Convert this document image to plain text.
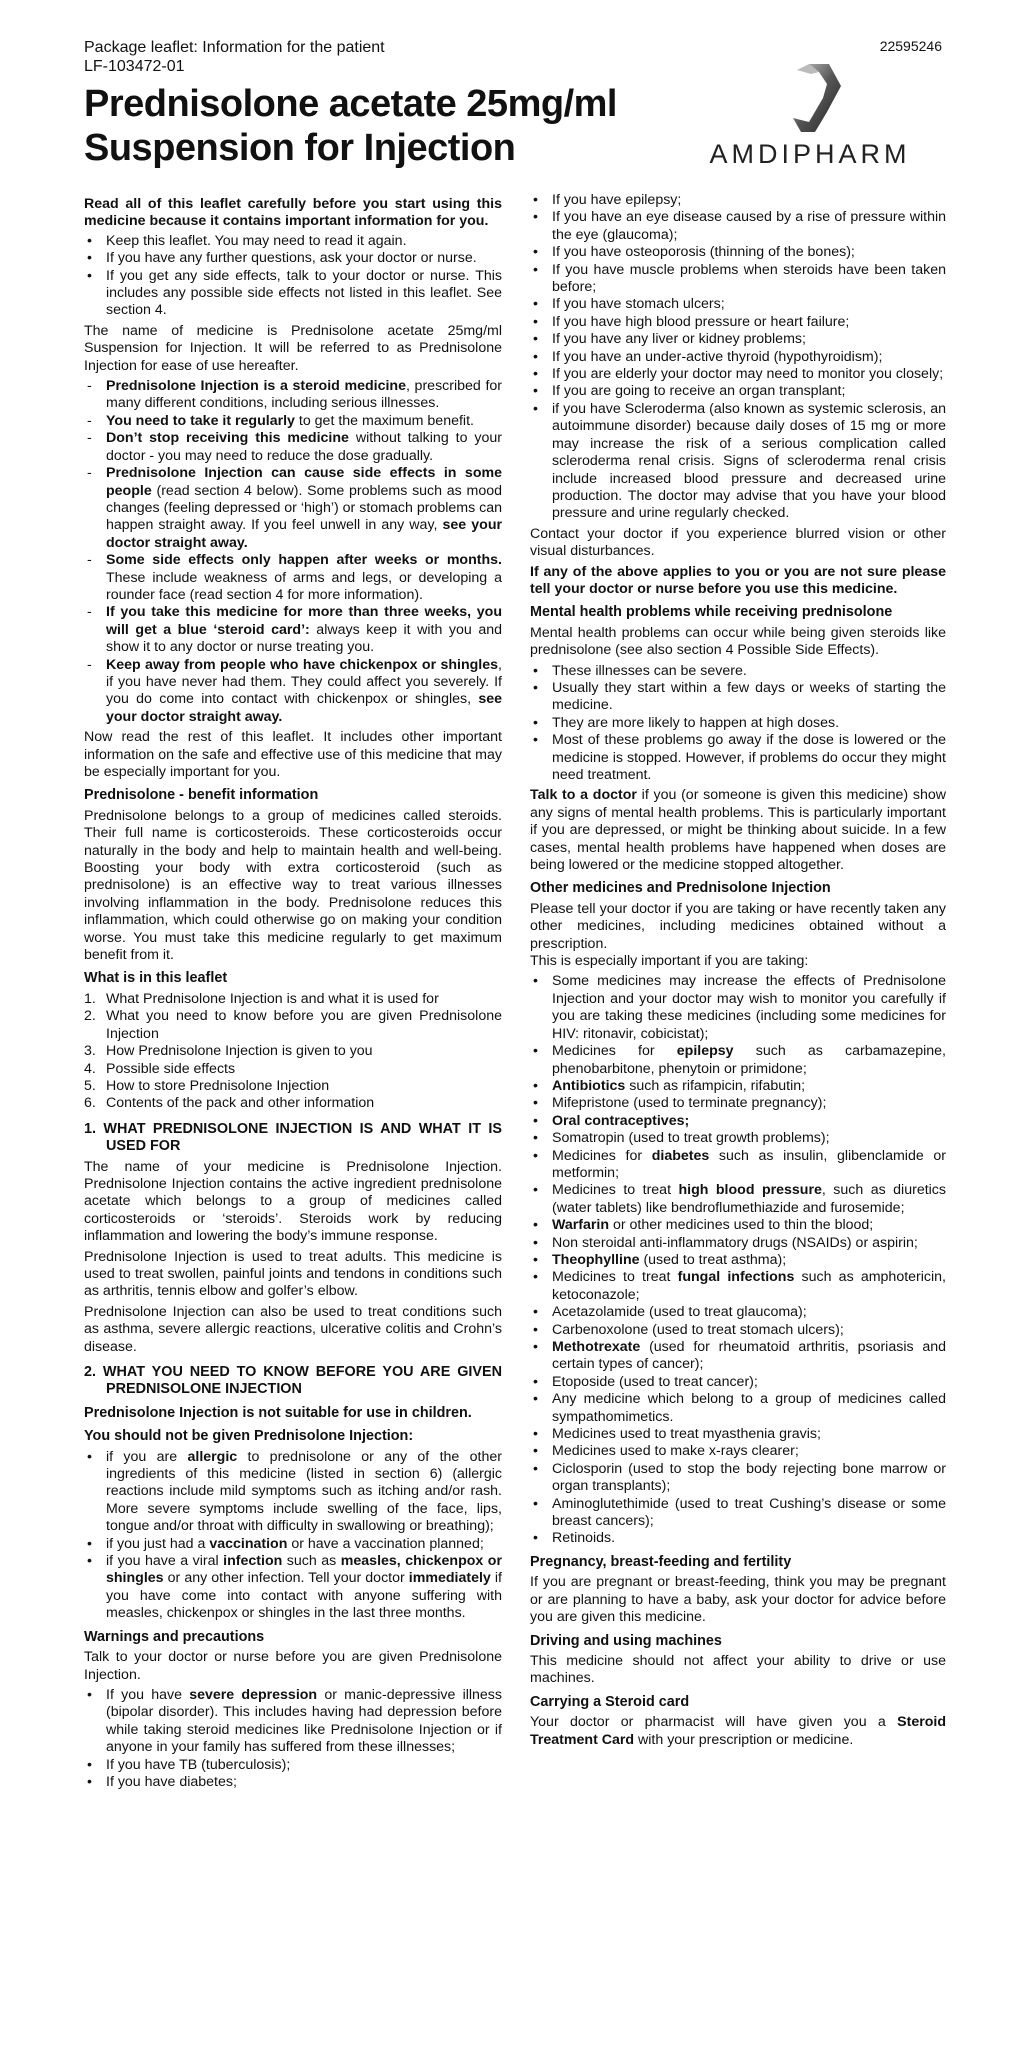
Package leaflet: Information for the patient
LF-103472-01
22595246
Prednisolone acetate 25mg/ml
Suspension for Injection	AMDIPHARM

Read all of this leaflet carefully before you start using this medicine because it contains important information for you.

• Keep this leaflet. You may need to read it again.
• If you have any further questions, ask your doctor or nurse.
• If you get any side effects, talk to your doctor or nurse. This includes any possible side effects not listed in this leaflet. See section 4.

The name of medicine is Prednisolone acetate 25mg/ml Suspension for Injection. It will be referred to as Prednisolone Injection for ease of use hereafter.

- Prednisolone Injection is a steroid medicine, prescribed for many different conditions, including serious illnesses.
- You need to take it regularly to get the maximum benefit.
- Don’t stop receiving this medicine without talking to your doctor - you may need to reduce the dose gradually.
- Prednisolone Injection can cause side effects in some people (read section 4 below). Some problems such as mood changes (feeling depressed or ‘high’) or stomach problems can happen straight away. If you feel unwell in any way, see your doctor straight away.
- Some side effects only happen after weeks or months. These include weakness of arms and legs, or developing a rounder face (read section 4 for more information).
- If you take this medicine for more than three weeks, you will get a blue ‘steroid card’: always keep it with you and show it to any doctor or nurse treating you.
- Keep away from people who have chickenpox or shingles, if you have never had them. They could affect you severely. If you do come into contact with chickenpox or shingles, see your doctor straight away.

Now read the rest of this leaflet. It includes other important information on the safe and effective use of this medicine that may be especially important for you.

Prednisolone - benefit information

Prednisolone belongs to a group of medicines called steroids. Their full name is corticosteroids. These corticosteroids occur naturally in the body and help to maintain health and well-being. Boosting your body with extra corticosteroid (such as prednisolone) is an effective way to treat various illnesses involving inflammation in the body. Prednisolone reduces this inflammation, which could otherwise go on making your condition worse. You must take this medicine regularly to get maximum benefit from it.

What is in this leaflet
1. What Prednisolone Injection is and what it is used for
2. What you need to know before you are given Prednisolone Injection
3. How Prednisolone Injection is given to you
4. Possible side effects
5. How to store Prednisolone Injection
6. Contents of the pack and other information
1. WHAT PREDNISOLONE INJECTION IS AND WHAT IT IS USED FOR

The name of your medicine is Prednisolone Injection. Prednisolone Injection contains the active ingredient prednisolone acetate which belongs to a group of medicines called corticosteroids or ‘steroids’. Steroids work by reducing inflammation and lowering the body’s immune response.

Prednisolone Injection is used to treat adults. This medicine is used to treat swollen, painful joints and tendons in conditions such as arthritis, tennis elbow and golfer’s elbow.

Prednisolone Injection can also be used to treat conditions such as asthma, severe allergic reactions, ulcerative colitis and Crohn’s disease.

2. WHAT YOU NEED TO KNOW BEFORE YOU ARE GIVEN PREDNISOLONE INJECTION
Prednisolone Injection is not suitable for use in children.
You should not be given Prednisolone Injection:
• if you are allergic to prednisolone or any of the other ingredients of this medicine (listed in section 6) (allergic reactions include mild symptoms such as itching and/or rash. More severe symptoms include swelling of the face, lips, tongue and/or throat with difficulty in swallowing or breathing);
• if you just had a vaccination or have a vaccination planned;
• if you have a viral infection such as measles, chickenpox or shingles or any other infection. Tell your doctor immediately if you have come into contact with anyone suffering with measles, chickenpox or shingles in the last three months.
Warnings and precautions

Talk to your doctor or nurse before you are given Prednisolone Injection.

• If you have severe depression or manic-depressive illness (bipolar disorder). This includes having had depression before while taking steroid medicines like Prednisolone Injection or if anyone in your family has suffered from these illnesses;
• If you have TB (tuberculosis);
• If you have diabetes;
• If you have epilepsy;
• If you have an eye disease caused by a rise of pressure within the eye (glaucoma);
• If you have osteoporosis (thinning of the bones);
• If you have muscle problems when steroids have been taken before;
• If you have stomach ulcers;
• If you have high blood pressure or heart failure;
• If you have any liver or kidney problems;
• If you have an under-active thyroid (hypothyroidism);
• If you are elderly your doctor may need to monitor you closely;
• If you are going to receive an organ transplant;
• if you have Scleroderma (also known as systemic sclerosis, an autoimmune disorder) because daily doses of 15 mg or more may increase the risk of a serious complication called scleroderma renal crisis. Signs of scleroderma renal crisis include increased blood pressure and decreased urine production. The doctor may advise that you have your blood pressure and urine regularly checked.

Contact your doctor if you experience blurred vision or other visual disturbances.

If any of the above applies to you or you are not sure please tell your doctor or nurse before you use this medicine.

Mental health problems while receiving prednisolone

Mental health problems can occur while being given steroids like prednisolone (see also section 4 Possible Side Effects).

• These illnesses can be severe.
• Usually they start within a few days or weeks of starting the medicine.
• They are more likely to happen at high doses.
• Most of these problems go away if the dose is lowered or the medicine is stopped. However, if problems do occur they might need treatment.

Talk to a doctor if you (or someone is given this medicine) show any signs of mental health problems. This is particularly important if you are depressed, or might be thinking about suicide. In a few cases, mental health problems have happened when doses are being lowered or the medicine stopped altogether.

Other medicines and Prednisolone Injection

Please tell your doctor if you are taking or have recently taken any other medicines, including medicines obtained without a prescription.

This is especially important if you are taking:

• Some medicines may increase the effects of Prednisolone Injection and your doctor may wish to monitor you carefully if you are taking these medicines (including some medicines for HIV: ritonavir, cobicistat);
• Medicines for epilepsy such as carbamazepine, phenobarbitone, phenytoin or primidone;
• Antibiotics such as rifampicin, rifabutin;
• Mifepristone (used to terminate pregnancy);
• Oral contraceptives;
• Somatropin (used to treat growth problems);
• Medicines for diabetes such as insulin, glibenclamide or metformin;
• Medicines to treat high blood pressure, such as diuretics (water tablets) like bendroflumethiazide and furosemide;
• Warfarin or other medicines used to thin the blood;
• Non steroidal anti-inflammatory drugs (NSAIDs) or aspirin;
• Theophylline (used to treat asthma);
• Medicines to treat fungal infections such as amphotericin, ketoconazole;
• Acetazolamide (used to treat glaucoma);
• Carbenoxolone (used to treat stomach ulcers);
• Methotrexate (used for rheumatoid arthritis, psoriasis and certain types of cancer);
• Etoposide (used to treat cancer);
• Any medicine which belong to a group of medicines called sympathomimetics.
• Medicines used to treat myasthenia gravis;
• Medicines used to make x-rays clearer;
• Ciclosporin (used to stop the body rejecting bone marrow or organ transplants);
• Aminoglutethimide (used to treat Cushing’s disease or some breast cancers);
• Retinoids.
Pregnancy, breast-feeding and fertility

If you are pregnant or breast-feeding, think you may be pregnant or are planning to have a baby, ask your doctor for advice before you are given this medicine.

Driving and using machines

This medicine should not affect your ability to drive or use machines.

Carrying a Steroid card

Your doctor or pharmacist will have given you a Steroid Treatment Card with your prescription or medicine.
